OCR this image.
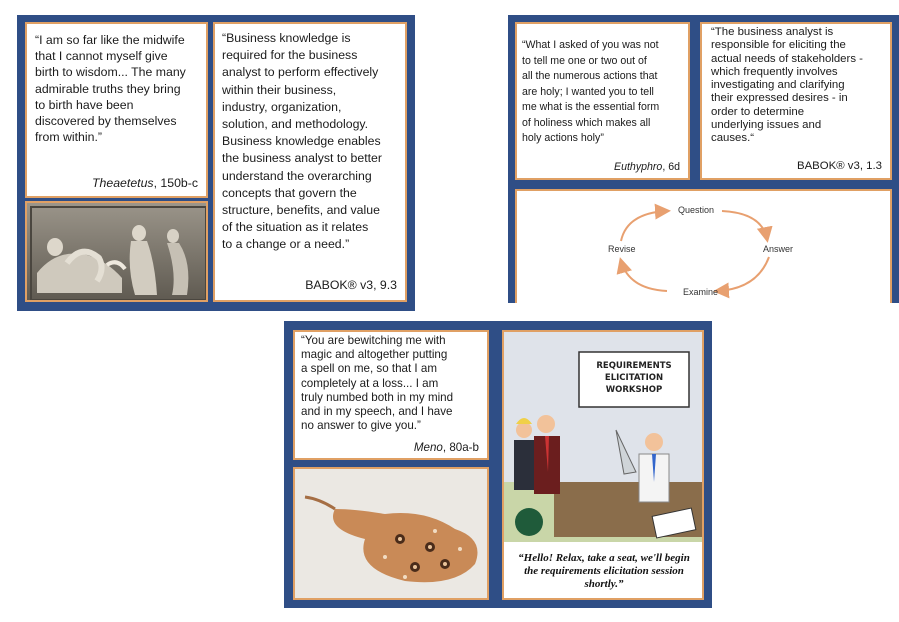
“I am so far like the midwife
that I cannot myself give
birth to wisdom... The many
admirable truths they bring
to birth have been
discovered by themselves
from within.”
Theaetetus, 150b-c
“Business knowledge is
required for the business
analyst to perform effectively
within their business,
industry, organization,
solution, and methodology.
Business knowledge enables
the business analyst to better
understand the overarching
concepts that govern the
structure, benefits, and value
of the situation as it relates
to a change or a need.”
BABOK® v3, 9.3
“What I asked of you was not
to tell me one or two out of
all the numerous actions that
are holy; I wanted you to tell
me what is the essential form
of holiness which makes all
holy actions holy”
Euthyphro, 6d
“The business analyst is
responsible for eliciting the
actual needs of stakeholders -
which frequently involves
investigating and clarifying
their expressed desires - in
order to determine
underlying issues and
causes.“
BABOK® v3, 1.3
Question
Answer
Examine
Revise
“You are bewitching me with
magic and altogether putting
a spell on me, so that I am
completely at a loss... I am
truly numbed both in my mind
and in my speech, and I have
no answer to give you.”
Meno, 80a-b
REQUIREMENTS
ELICITATION
WORKSHOP
“Hello! Relax, take a seat, we'll begin
the requirements elicitation session
shortly.”
